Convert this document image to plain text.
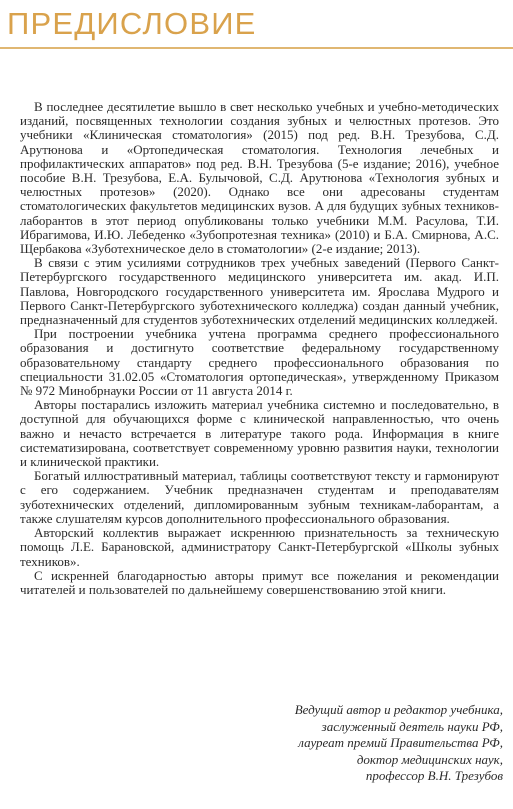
ПРЕДИСЛОВИЕ

В последнее десятилетие вышло в свет несколько учебных и учебно-методических изданий, посвященных технологии создания зубных и челюстных протезов. Это учебники «Клиническая стоматология» (2015) под ред. В.Н. Трезубова, С.Д. Арутюнова и «Ортопедическая стоматология. Технология лечебных и профилактических аппаратов» под ред. В.Н. Трезубова (5-е издание; 2016), учебное пособие В.Н. Трезубова, Е.А. Булычовой, С.Д. Арутюнова «Технология зубных и челюстных протезов» (2020). Однако все они адресованы студентам стоматологических факультетов медицинских вузов. А для будущих зубных техников-лаборантов в этот период опубликованы только учебники М.М. Расулова, Т.И. Ибрагимова, И.Ю. Лебеденко «Зубопротезная техника» (2010) и Б.А. Смирнова, А.С. Щербакова «Зуботехническое дело в стоматологии» (2-е издание; 2013).

В связи с этим усилиями сотрудников трех учебных заведений (Первого Санкт-Петербургского государственного медицинского университета им. акад. И.П. Павлова, Новгородского государственного университета им. Ярослава Мудрого и Первого Санкт-Петербургского зуботехнического колледжа) создан данный учебник, предназначенный для студентов зуботехнических отделений медицинских колледжей.

При построении учебника учтена программа среднего профессионального образования и достигнуто соответствие федеральному государственному образовательному стандарту среднего профессионального образования по специальности 31.02.05 «Стоматология ортопедическая», утвержденному Приказом № 972 Минобрнауки России от 11 августа 2014 г.

Авторы постарались изложить материал учебника системно и последовательно, в доступной для обучающихся форме с клинической направленностью, что очень важно и нечасто встречается в литературе такого рода. Информация в книге систематизирована, соответствует современному уровню развития науки, технологии и клинической практики.

Богатый иллюстративный материал, таблицы соответствуют тексту и гармонируют с его содержанием. Учебник предназначен студентам и преподавателям зуботехнических отделений, дипломированным зубным техникам-лаборантам, а также слушателям курсов дополнительного профессионального образования.

Авторский коллектив выражает искреннюю признательность за техническую помощь Л.Е. Барановской, администратору Санкт-Петербургской «Школы зубных техников».

С искренней благодарностью авторы примут все пожелания и рекомендации читателей и пользователей по дальнейшему совершенствованию этой книги.

Ведущий автор и редактор учебника,
заслуженный деятель науки РФ,
лауреат премий Правительства РФ,
доктор медицинских наук,
профессор В.Н. Трезубов
